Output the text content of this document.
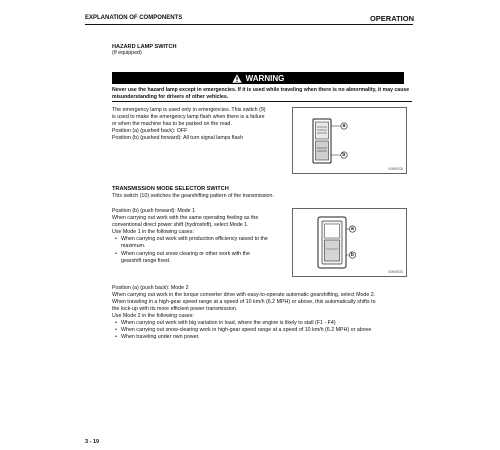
EXPLANATION OF COMPONENTS	OPERATION
HAZARD LAMP SWITCH
(If equipped)
WARNING
Never use the hazard lamp except in emergencies. If it is used while traveling when there is no abnormality, it may cause
misunderstanding for drivers of other vehicles.
The emergency lamp is used only in emergencies. This switch (9)
is used to make the emergency lamp flash when there is a failure
or when the machine has to be parked on the road.
Position (a) (pushed back): OFF
Position (b) (pushed forward): All turn signal lamps flash
a
b
9JH00700
TRANSMISSION MODE SELECTOR SWITCH
This switch (10) switches the gearshifting pattern of the transmission.
Position (b) (push forward): Mode 1
When carrying out work with the same operating feeling as the
conventional direct power shift (hydroshift), select Mode 1.
Use Mode 1 in the following cases:
• When carrying out work with production efficiency raised to the
maximum.
• When carrying out snow clearing or other work with the
gearshift range fixed.
a
b
9JH00370
Position (a) (push back): Mode 2
When carrying out work in the torque converter drive with easy-to-operate automatic gearshifting, select Mode 2.
When traveling in a high-gear speed range at a speed of 10 km/h (6.2 MPH) or above, this automatically shifts to
the lock-up with its more efficient power transmission.
Use Mode 2 in the following cases:
• When carrying out work with big variation in load, where the engine is likely to stall (F1 - F4)
• When carrying out snow-clearing work in high-gear speed range at a speed of 10 km/h (6.2 MPH) or above
• When traveling under own power.
3 - 19
